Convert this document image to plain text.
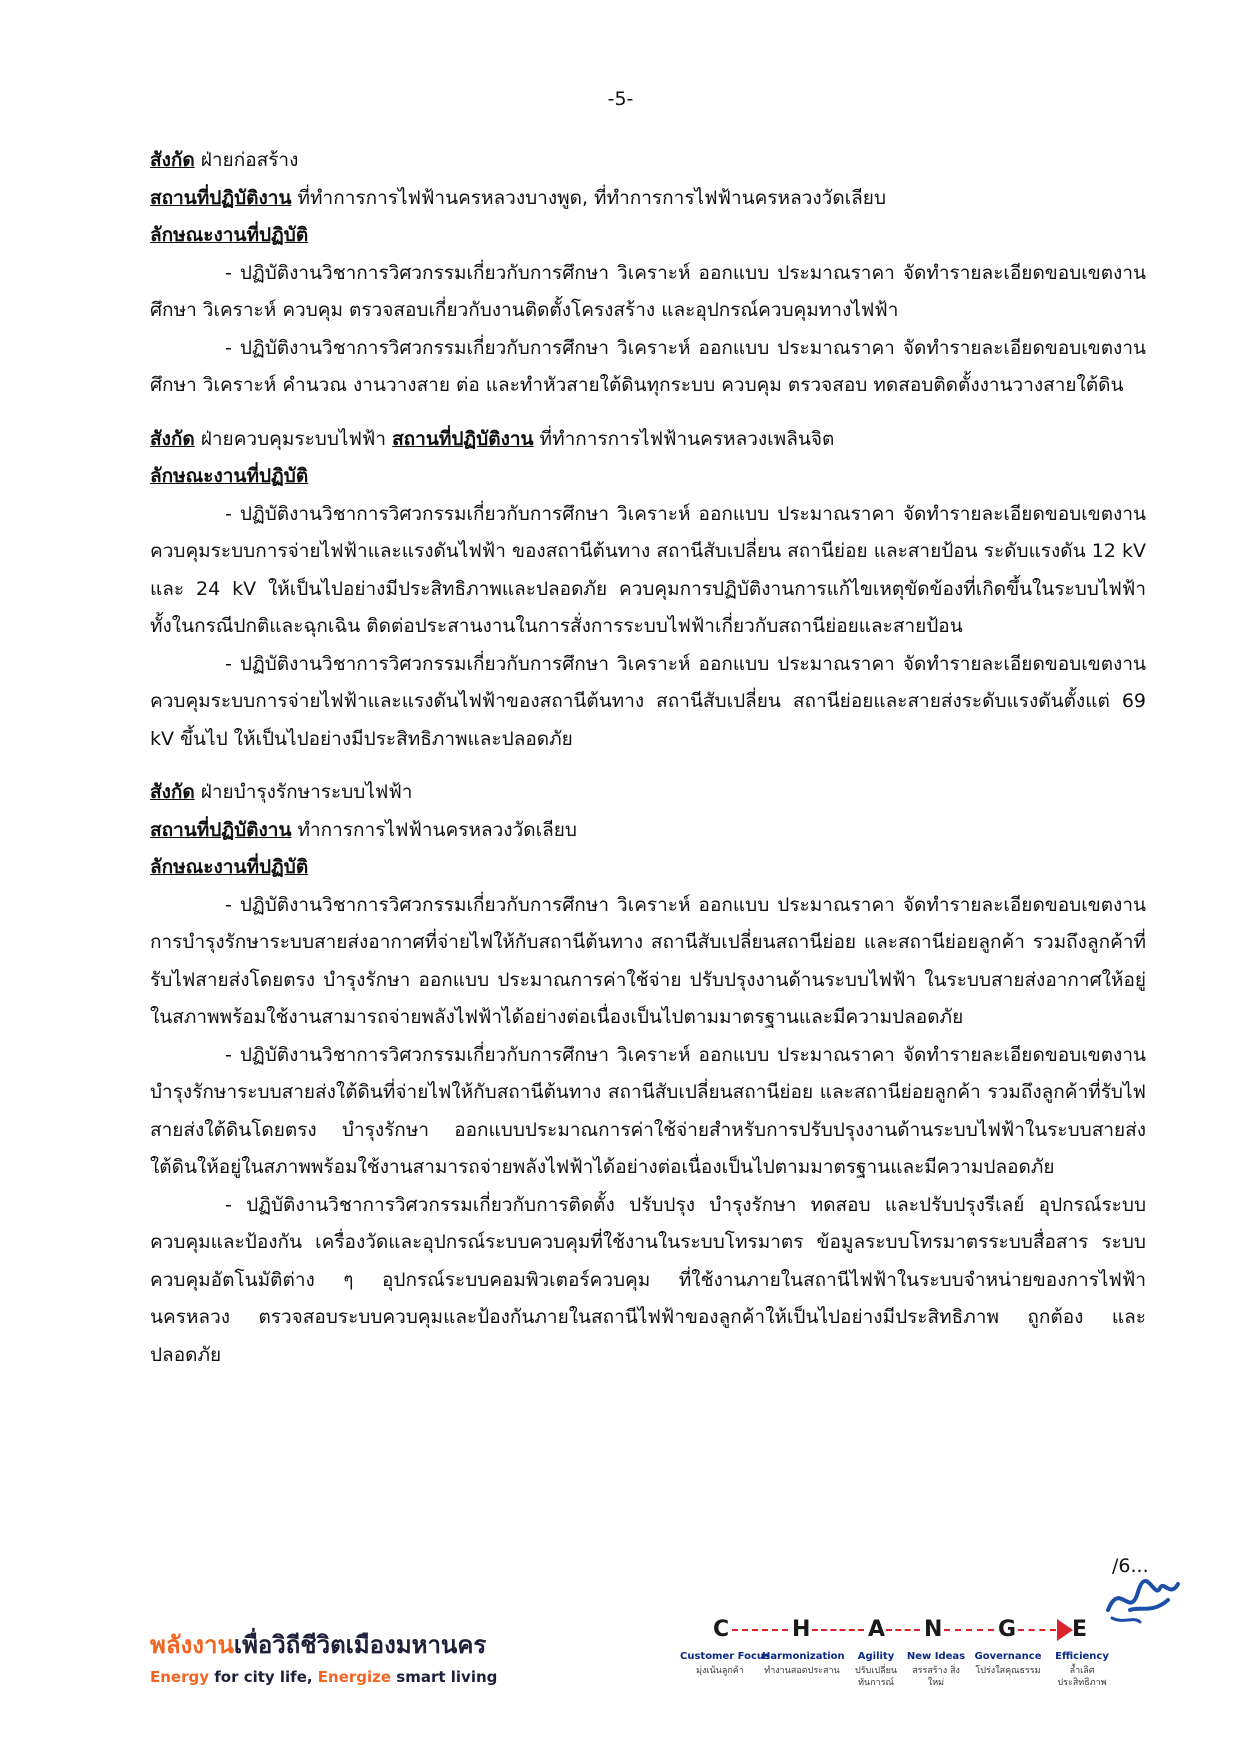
-5-
สังกัด ฝ่ายก่อสร้าง
สถานที่ปฏิบัติงาน ที่ทำการการไฟฟ้านครหลวงบางพูด, ที่ทำการการไฟฟ้านครหลวงวัดเลียบ
ลักษณะงานที่ปฏิบัติ
- ปฏิบัติงานวิชาการวิศวกรรมเกี่ยวกับการศึกษา วิเคราะห์ ออกแบบ ประมาณราคา จัดทำรายละเอียดขอบเขตงาน ศึกษา วิเคราะห์ ควบคุม ตรวจสอบเกี่ยวกับงานติดตั้งโครงสร้าง และอุปกรณ์ควบคุมทางไฟฟ้า
- ปฏิบัติงานวิชาการวิศวกรรมเกี่ยวกับการศึกษา วิเคราะห์ ออกแบบ ประมาณราคา จัดทำรายละเอียดขอบเขตงาน ศึกษา วิเคราะห์ คำนวณ งานวางสาย ต่อ และทำหัวสายใต้ดินทุกระบบ ควบคุม ตรวจสอบ ทดสอบติดตั้งงานวางสายใต้ดิน
สังกัด ฝ่ายควบคุมระบบไฟฟ้า สถานที่ปฏิบัติงาน ที่ทำการการไฟฟ้านครหลวงเพลินจิต
ลักษณะงานที่ปฏิบัติ
- ปฏิบัติงานวิชาการวิศวกรรมเกี่ยวกับการศึกษา วิเคราะห์ ออกแบบ ประมาณราคา จัดทำรายละเอียดขอบเขตงาน ควบคุมระบบการจ่ายไฟฟ้าและแรงดันไฟฟ้า ของสถานีต้นทาง สถานีสับเปลี่ยน สถานีย่อย และสายป้อน ระดับแรงดัน 12 kV และ 24 kV ให้เป็นไปอย่างมีประสิทธิภาพและปลอดภัย ควบคุมการปฏิบัติงานการแก้ไขเหตุขัดข้องที่เกิดขึ้นในระบบไฟฟ้า ทั้งในกรณีปกติและฉุกเฉิน ติดต่อประสานงานในการสั่งการระบบไฟฟ้าเกี่ยวกับสถานีย่อยและสายป้อน
- ปฏิบัติงานวิชาการวิศวกรรมเกี่ยวกับการศึกษา วิเคราะห์ ออกแบบ ประมาณราคา จัดทำรายละเอียดขอบเขตงาน ควบคุมระบบการจ่ายไฟฟ้าและแรงดันไฟฟ้าของสถานีต้นทาง สถานีสับเปลี่ยน สถานีย่อยและสายส่งระดับแรงดันตั้งแต่ 69 kV ขึ้นไป ให้เป็นไปอย่างมีประสิทธิภาพและปลอดภัย
สังกัด ฝ่ายบำรุงรักษาระบบไฟฟ้า
สถานที่ปฏิบัติงาน ทำการการไฟฟ้านครหลวงวัดเลียบ
ลักษณะงานที่ปฏิบัติ
- ปฏิบัติงานวิชาการวิศวกรรมเกี่ยวกับการศึกษา วิเคราะห์ ออกแบบ ประมาณราคา จัดทำรายละเอียดขอบเขตงาน การบำรุงรักษาระบบสายส่งอากาศที่จ่ายไฟให้กับสถานีต้นทาง สถานีสับเปลี่ยนสถานีย่อย และสถานีย่อยลูกค้า รวมถึงลูกค้าที่รับไฟสายส่งโดยตรง บำรุงรักษา ออกแบบ ประมาณการค่าใช้จ่าย ปรับปรุงงานด้านระบบไฟฟ้า ในระบบสายส่งอากาศให้อยู่ในสภาพพร้อมใช้งานสามารถจ่ายพลังไฟฟ้าได้อย่างต่อเนื่องเป็นไปตามมาตรฐานและมีความปลอดภัย
- ปฏิบัติงานวิชาการวิศวกรรมเกี่ยวกับการศึกษา วิเคราะห์ ออกแบบ ประมาณราคา จัดทำรายละเอียดขอบเขตงาน บำรุงรักษาระบบสายส่งใต้ดินที่จ่ายไฟให้กับสถานีต้นทาง สถานีสับเปลี่ยนสถานีย่อย และสถานีย่อยลูกค้า รวมถึงลูกค้าที่รับไฟสายส่งใต้ดินโดยตรง บำรุงรักษา ออกแบบประมาณการค่าใช้จ่ายสำหรับการปรับปรุงงานด้านระบบไฟฟ้าในระบบสายส่งใต้ดินให้อยู่ในสภาพพร้อมใช้งานสามารถจ่ายพลังไฟฟ้าได้อย่างต่อเนื่องเป็นไปตามมาตรฐานและมีความปลอดภัย
- ปฏิบัติงานวิชาการวิศวกรรมเกี่ยวกับการติดตั้ง ปรับปรุง บำรุงรักษา ทดสอบ และปรับปรุงรีเลย์ อุปกรณ์ระบบควบคุมและป้องกัน เครื่องวัดและอุปกรณ์ระบบควบคุมที่ใช้งานในระบบโทรมาตร ข้อมูลระบบโทรมาตรระบบสื่อสาร ระบบควบคุมอัตโนมัติต่าง ๆ อุปกรณ์ระบบคอมพิวเตอร์ควบคุม ที่ใช้งานภายในสถานีไฟฟ้าในระบบจำหน่ายของการไฟฟ้านครหลวง ตรวจสอบระบบควบคุมและป้องกันภายในสถานีไฟฟ้าของลูกค้าให้เป็นไปอย่างมีประสิทธิภาพ ถูกต้อง และปลอดภัย
/6...
พลังงานเพื่อวิถีชีวิตเมืองมหานคร
Energy for city life, Energize smart living
C	H	A N	G	E
Customer Focus
Harmonization	Agility	New Ideas Governance	Efficiency
มุ่งเน้นลูกค้า	ทำงานสอดประสาน	ปรับเปลี่ยน ทันการณ์
สรรสร้าง สิ่งใหม่
โปร่งใสคุณธรรม	ล้ำเลิศ ประสิทธิภาพ
